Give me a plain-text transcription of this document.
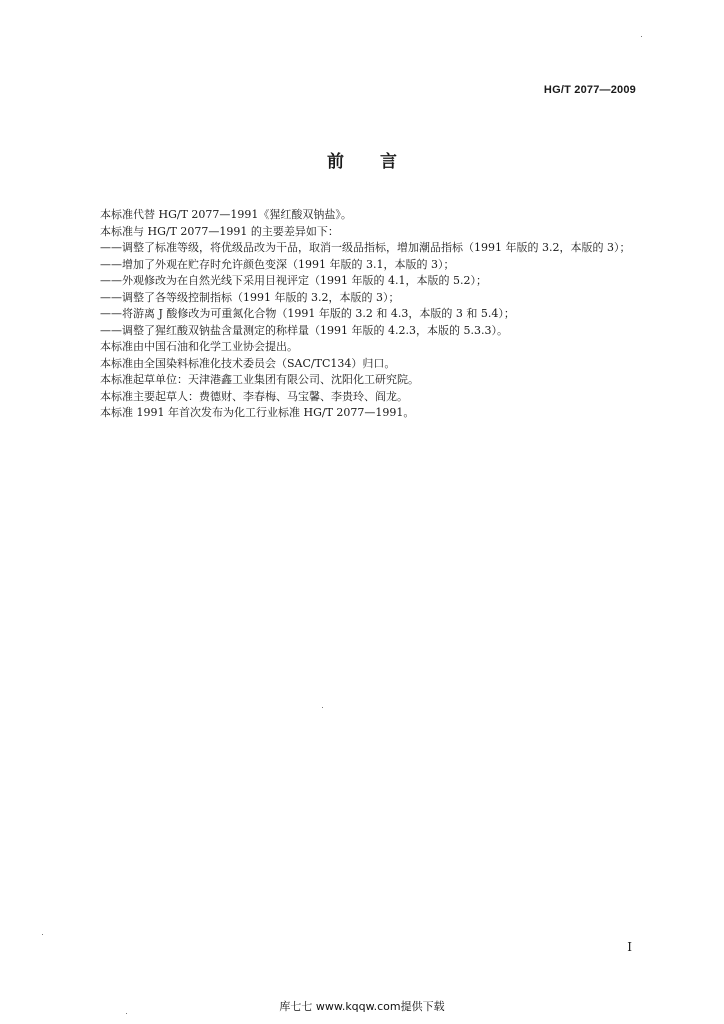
HG/T 2077—2009
前言

本标准代替 HG/T 2077—1991《猩红酸双钠盐》。

本标准与 HG/T 2077—1991 的主要差异如下：

—— 调整了标准等级，将优级品改为干品，取消一级品指标，增加潮品指标（1991 年版的 3.2，本版的 3）；
—— 增加了外观在贮存时允许颜色变深（1991 年版的 3.1，本版的 3）；
—— 外观修改为在自然光线下采用目视评定（1991 年版的 4.1，本版的 5.2）；
—— 调整了各等级控制指标（1991 年版的 3.2，本版的 3）；
—— 将游离 J 酸修改为可重氮化合物（1991 年版的 3.2 和 4.3，本版的 3 和 5.4）；
—— 调整了猩红酸双钠盐含量测定的称样量（1991 年版的 4.2.3，本版的 5.3.3）。

本标准由中国石油和化学工业协会提出。

本标准由全国染料标准化技术委员会（SAC/TC134）归口。

本标准起草单位：天津港鑫工业集团有限公司、沈阳化工研究院。

本标准主要起草人：费德财、李春梅、马宝馨、李贵玲、阎龙。

本标准 1991 年首次发布为化工行业标准 HG/T 2077—1991。

I
库七七 www.kqqw.com提供下载
